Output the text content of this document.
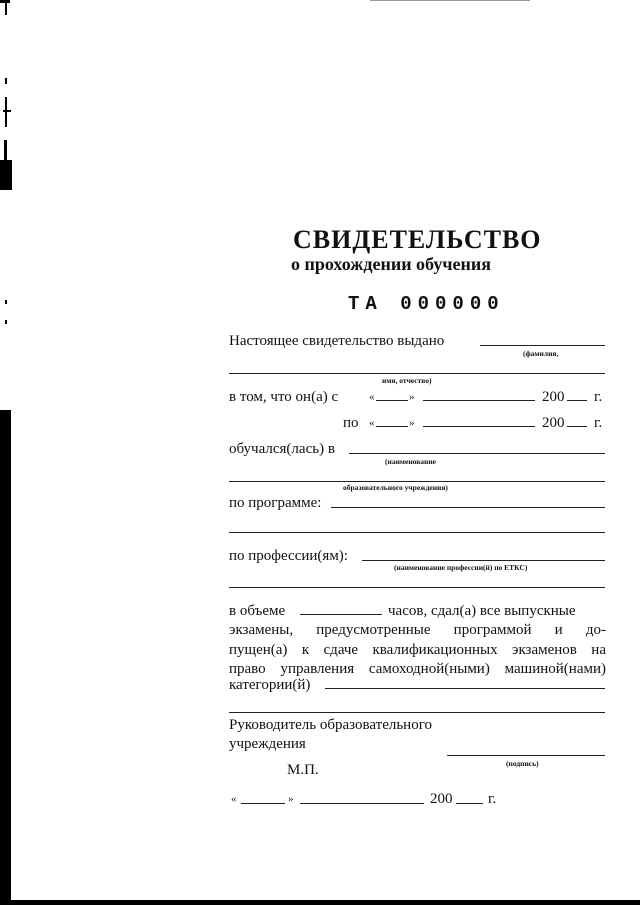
СВИДЕТЕЛЬСТВО
о прохождении обучения
ТА 000000
Настоящее свидетельство выдано
(фамилия,
имя, отчество)
в том, что он(а) с	«	»	200 г.
по «	»	200 г.
обучался(лась) в
(наименование
образовательного учреждения)
по программе:
по профессии(ям):
(наименование профессии(й) по ЕТКС)
в объеме	часов, сдал(а) все выпускные
экзамены, предусмотренные программой и до-
пущен(а) к сдаче квалификационных экзаменов на
право управления самоходной(ными) машиной(нами)
категории(й)
Руководитель образовательного
учреждения
(подпись)
М.П.
«	»	200 г.
